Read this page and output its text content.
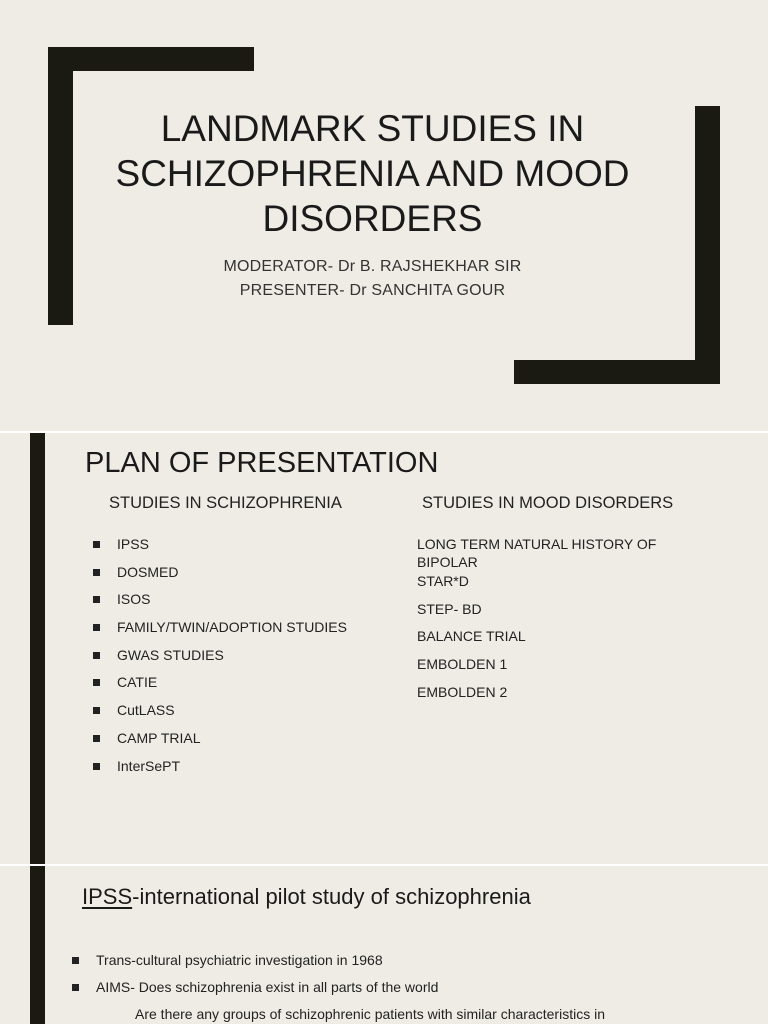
LANDMARK STUDIES IN
SCHIZOPHRENIA AND MOOD
DISORDERS
MODERATOR- Dr B. RAJSHEKHAR SIR
PRESENTER- Dr SANCHITA GOUR
PLAN OF PRESENTATION
STUDIES IN SCHIZOPHRENIA
IPSS
DOSMED
ISOS
FAMILY/TWIN/ADOPTION STUDIES
GWAS STUDIES
CATIE
CutLASS
CAMP TRIAL
InterSePT
STUDIES IN MOOD DISORDERS
LONG TERM NATURAL HISTORY OF BIPOLAR
STAR*D
STEP- BD
BALANCE TRIAL
EMBOLDEN 1
EMBOLDEN 2
IPSS-international pilot study of schizophrenia
Trans-cultural psychiatric investigation in 1968
AIMS- Does schizophrenia exist in all parts of the world
Are there any groups of schizophrenic patients with similar characteristics in
